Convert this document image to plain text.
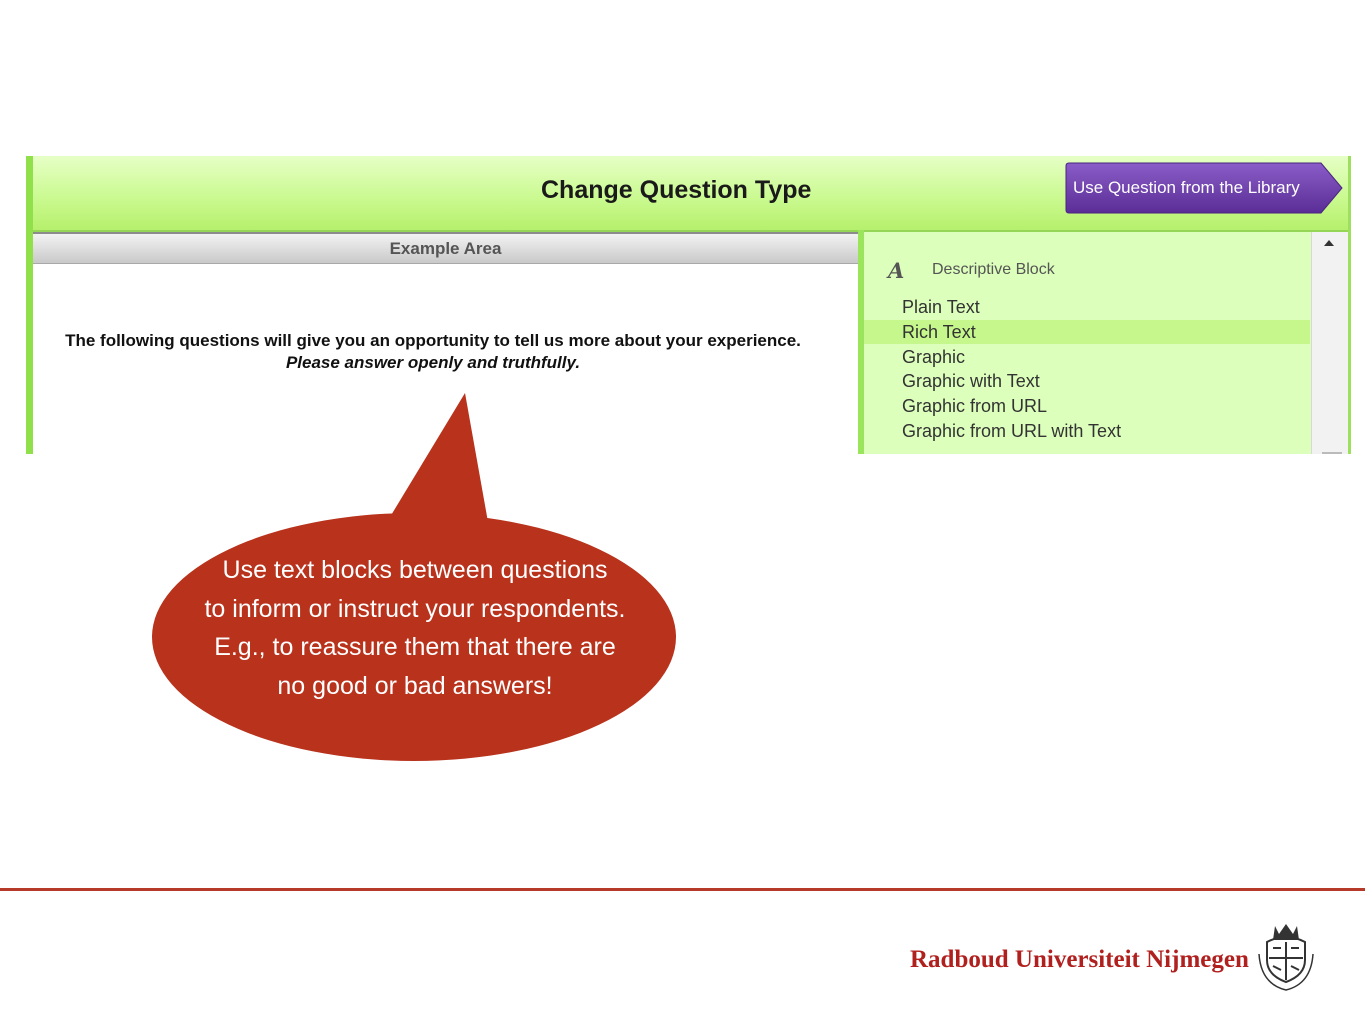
Change Question Type	Use Question from the Library
Example Area
The following questions will give you an opportunity to tell us more about your experience.
Please answer openly and truthfully.
A Descriptive Block
Plain Text
Rich Text
Graphic
Graphic with Text
Graphic from URL
Graphic from URL with Text
Use text blocks between questions
to inform or instruct your respondents.
E.g., to reassure them that there are
no good or bad answers!
Radboud Universiteit Nijmegen
